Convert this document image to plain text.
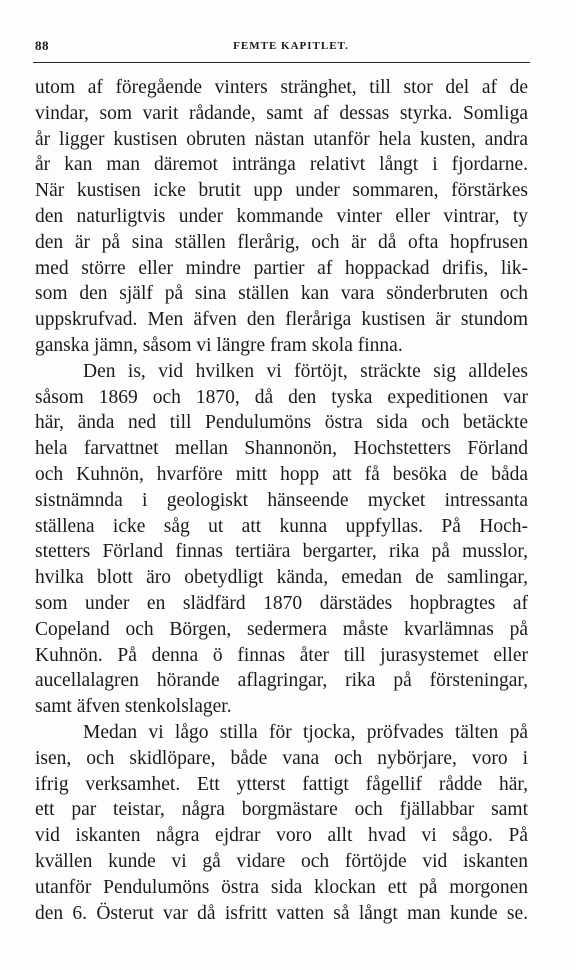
88	FEMTE KAPITLET.
utom af föregående vinters stränghet, till stor del af de
vindar, som varit rådande, samt af dessas styrka. Somliga
år ligger kustisen obruten nästan utanför hela kusten, andra
år kan man däremot intränga relativt långt i fjordarne.
När kustisen icke brutit upp under sommaren, förstärkes
den naturligtvis under kommande vinter eller vintrar, ty
den är på sina ställen flerårig, och är då ofta hopfrusen
med större eller mindre partier af hoppackad drifis, lik-
som den själf på sina ställen kan vara sönderbruten och
uppskrufvad. Men äfven den fleråriga kustisen är stundom
ganska jämn, såsom vi längre fram skola finna.
Den is, vid hvilken vi förtöjt, sträckte sig alldeles
såsom 1869 och 1870, då den tyska expeditionen var
här, ända ned till Pendulumöns östra sida och betäckte
hela farvattnet mellan Shannonön, Hochstetters Förland
och Kuhnön, hvarföre mitt hopp att få besöka de båda
sistnämnda i geologiskt hänseende mycket intressanta
ställena icke såg ut att kunna uppfyllas. På Hoch-
stetters Förland finnas tertiära bergarter, rika på musslor,
hvilka blott äro obetydligt kända, emedan de samlingar,
som under en slädfärd 1870 därstädes hopbragtes af
Copeland och Börgen, sedermera måste kvarlämnas på
Kuhnön. På denna ö finnas åter till jurasystemet eller
aucellalagren hörande aflagringar, rika på försteningar,
samt äfven stenkolslager.
Medan vi lågo stilla för tjocka, pröfvades tälten på
isen, och skidlöpare, både vana och nybörjare, voro i
ifrig verksamhet. Ett ytterst fattigt fågellif rådde här,
ett par teistar, några borgmästare och fjällabbar samt
vid iskanten några ejdrar voro allt hvad vi sågo. På
kvällen kunde vi gå vidare och förtöjde vid iskanten
utanför Pendulumöns östra sida klockan ett på morgonen
den 6. Österut var då isfritt vatten så långt man kunde se.
